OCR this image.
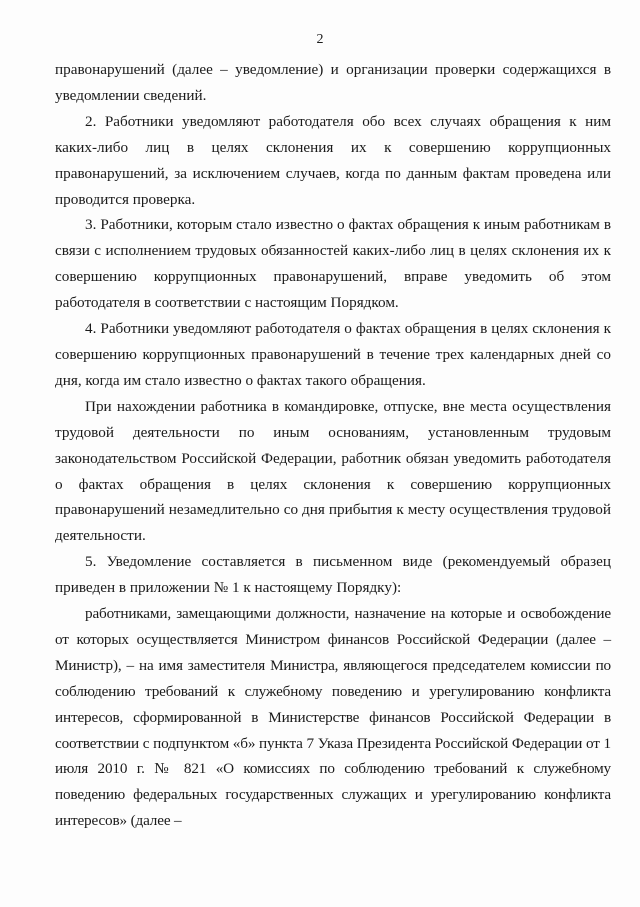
2

правонарушений (далее – уведомление) и организации проверки содержащихся в уведомлении сведений.

2. Работники уведомляют работодателя обо всех случаях обращения к ним каких-либо лиц в целях склонения их к совершению коррупционных правонарушений, за исключением случаев, когда по данным фактам проведена или проводится проверка.

3. Работники, которым стало известно о фактах обращения к иным работникам в связи с исполнением трудовых обязанностей каких-либо лиц в целях склонения их к совершению коррупционных правонарушений, вправе уведомить об этом работодателя в соответствии с настоящим Порядком.

4. Работники уведомляют работодателя о фактах обращения в целях склонения к совершению коррупционных правонарушений в течение трех календарных дней со дня, когда им стало известно о фактах такого обращения.

При нахождении работника в командировке, отпуске, вне места осуществления трудовой деятельности по иным основаниям, установленным трудовым законодательством Российской Федерации, работник обязан уведомить работодателя о фактах обращения в целях склонения к совершению коррупционных правонарушений незамедлительно со дня прибытия к месту осуществления трудовой деятельности.

5. Уведомление составляется в письменном виде (рекомендуемый образец приведен в приложении № 1 к настоящему Порядку):

работниками, замещающими должности, назначение на которые и освобождение от которых осуществляется Министром финансов Российской Федерации (далее – Министр), – на имя заместителя Министра, являющегося председателем комиссии по соблюдению требований к служебному поведению и урегулированию конфликта интересов, сформированной в Министерстве финансов Российской Федерации в соответствии с подпунктом «б» пункта 7 Указа Президента Российской Федерации от 1 июля 2010 г. № 821 «О комиссиях по соблюдению требований к служебному поведению федеральных государственных служащих и урегулированию конфликта интересов» (далее –
